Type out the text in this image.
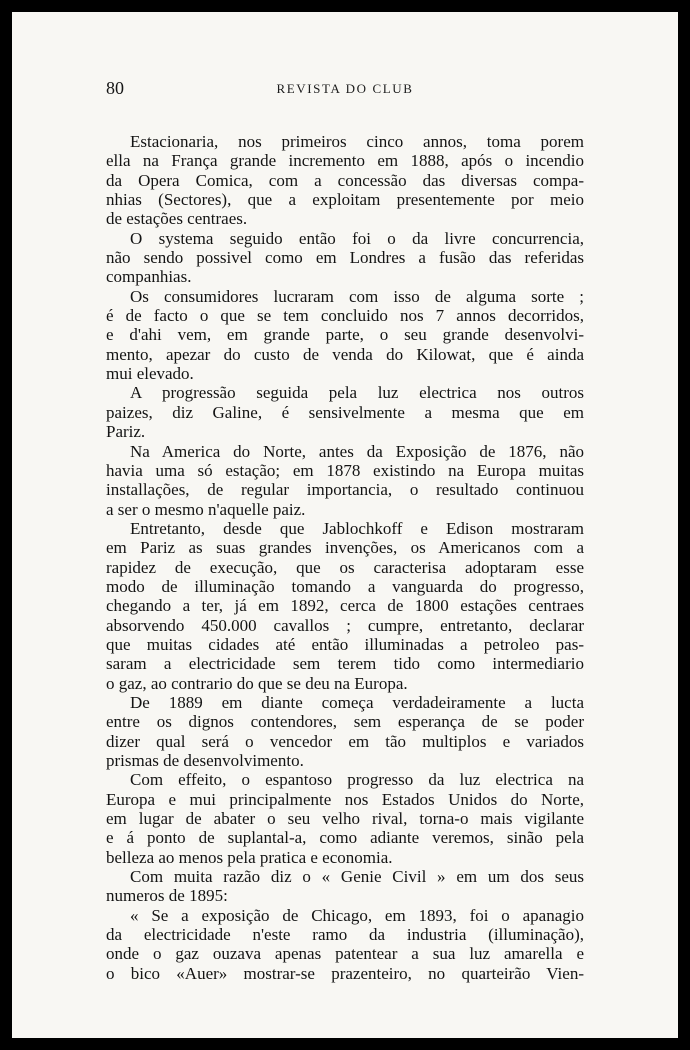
80	REVISTA DO CLUB
Estacionaria, nos primeiros cinco annos, toma porem
ella na França grande incremento em 1888, após o incendio
da Opera Comica, com a concessão das diversas compa-
nhias (Sectores), que a exploitam presentemente por meio
de estações centraes.
O systema seguido então foi o da livre concurrencia,
não sendo possivel como em Londres a fusão das referidas
companhias.
Os consumidores lucraram com isso de alguma sorte ;
é de facto o que se tem concluido nos 7 annos decorridos,
e d'ahi vem, em grande parte, o seu grande desenvolvi-
mento, apezar do custo de venda do Kilowat, que é ainda
mui elevado.
A progressão seguida pela luz electrica nos outros
paizes, diz Galine, é sensivelmente a mesma que em
Pariz.
Na America do Norte, antes da Exposição de 1876, não
havia uma só estação; em 1878 existindo na Europa muitas
installações, de regular importancia, o resultado continuou
a ser o mesmo n'aquelle paiz.
Entretanto, desde que Jablochkoff e Edison mostraram
em Pariz as suas grandes invenções, os Americanos com a
rapidez de execução, que os caracterisa adoptaram esse
modo de illuminação tomando a vanguarda do progresso,
chegando a ter, já em 1892, cerca de 1800 estações centraes
absorvendo 450.000 cavallos ; cumpre, entretanto, declarar
que muitas cidades até então illuminadas a petroleo pas-
saram a electricidade sem terem tido como intermediario
o gaz, ao contrario do que se deu na Europa.
De 1889 em diante começa verdadeiramente a lucta
entre os dignos contendores, sem esperança de se poder
dizer qual será o vencedor em tão multiplos e variados
prismas de desenvolvimento.
Com effeito, o espantoso progresso da luz electrica na
Europa e mui principalmente nos Estados Unidos do Norte,
em lugar de abater o seu velho rival, torna-o mais vigilante
e á ponto de suplantal-a, como adiante veremos, sinão pela
belleza ao menos pela pratica e economia.
Com muita razão diz o « Genie Civil » em um dos seus
numeros de 1895:
« Se a exposição de Chicago, em 1893, foi o apanagio
da electricidade n'este ramo da industria (illuminação),
onde o gaz ouzava apenas patentear a sua luz amarella e
o bico «Auer» mostrar-se prazenteiro, no quarteirão Vien-
